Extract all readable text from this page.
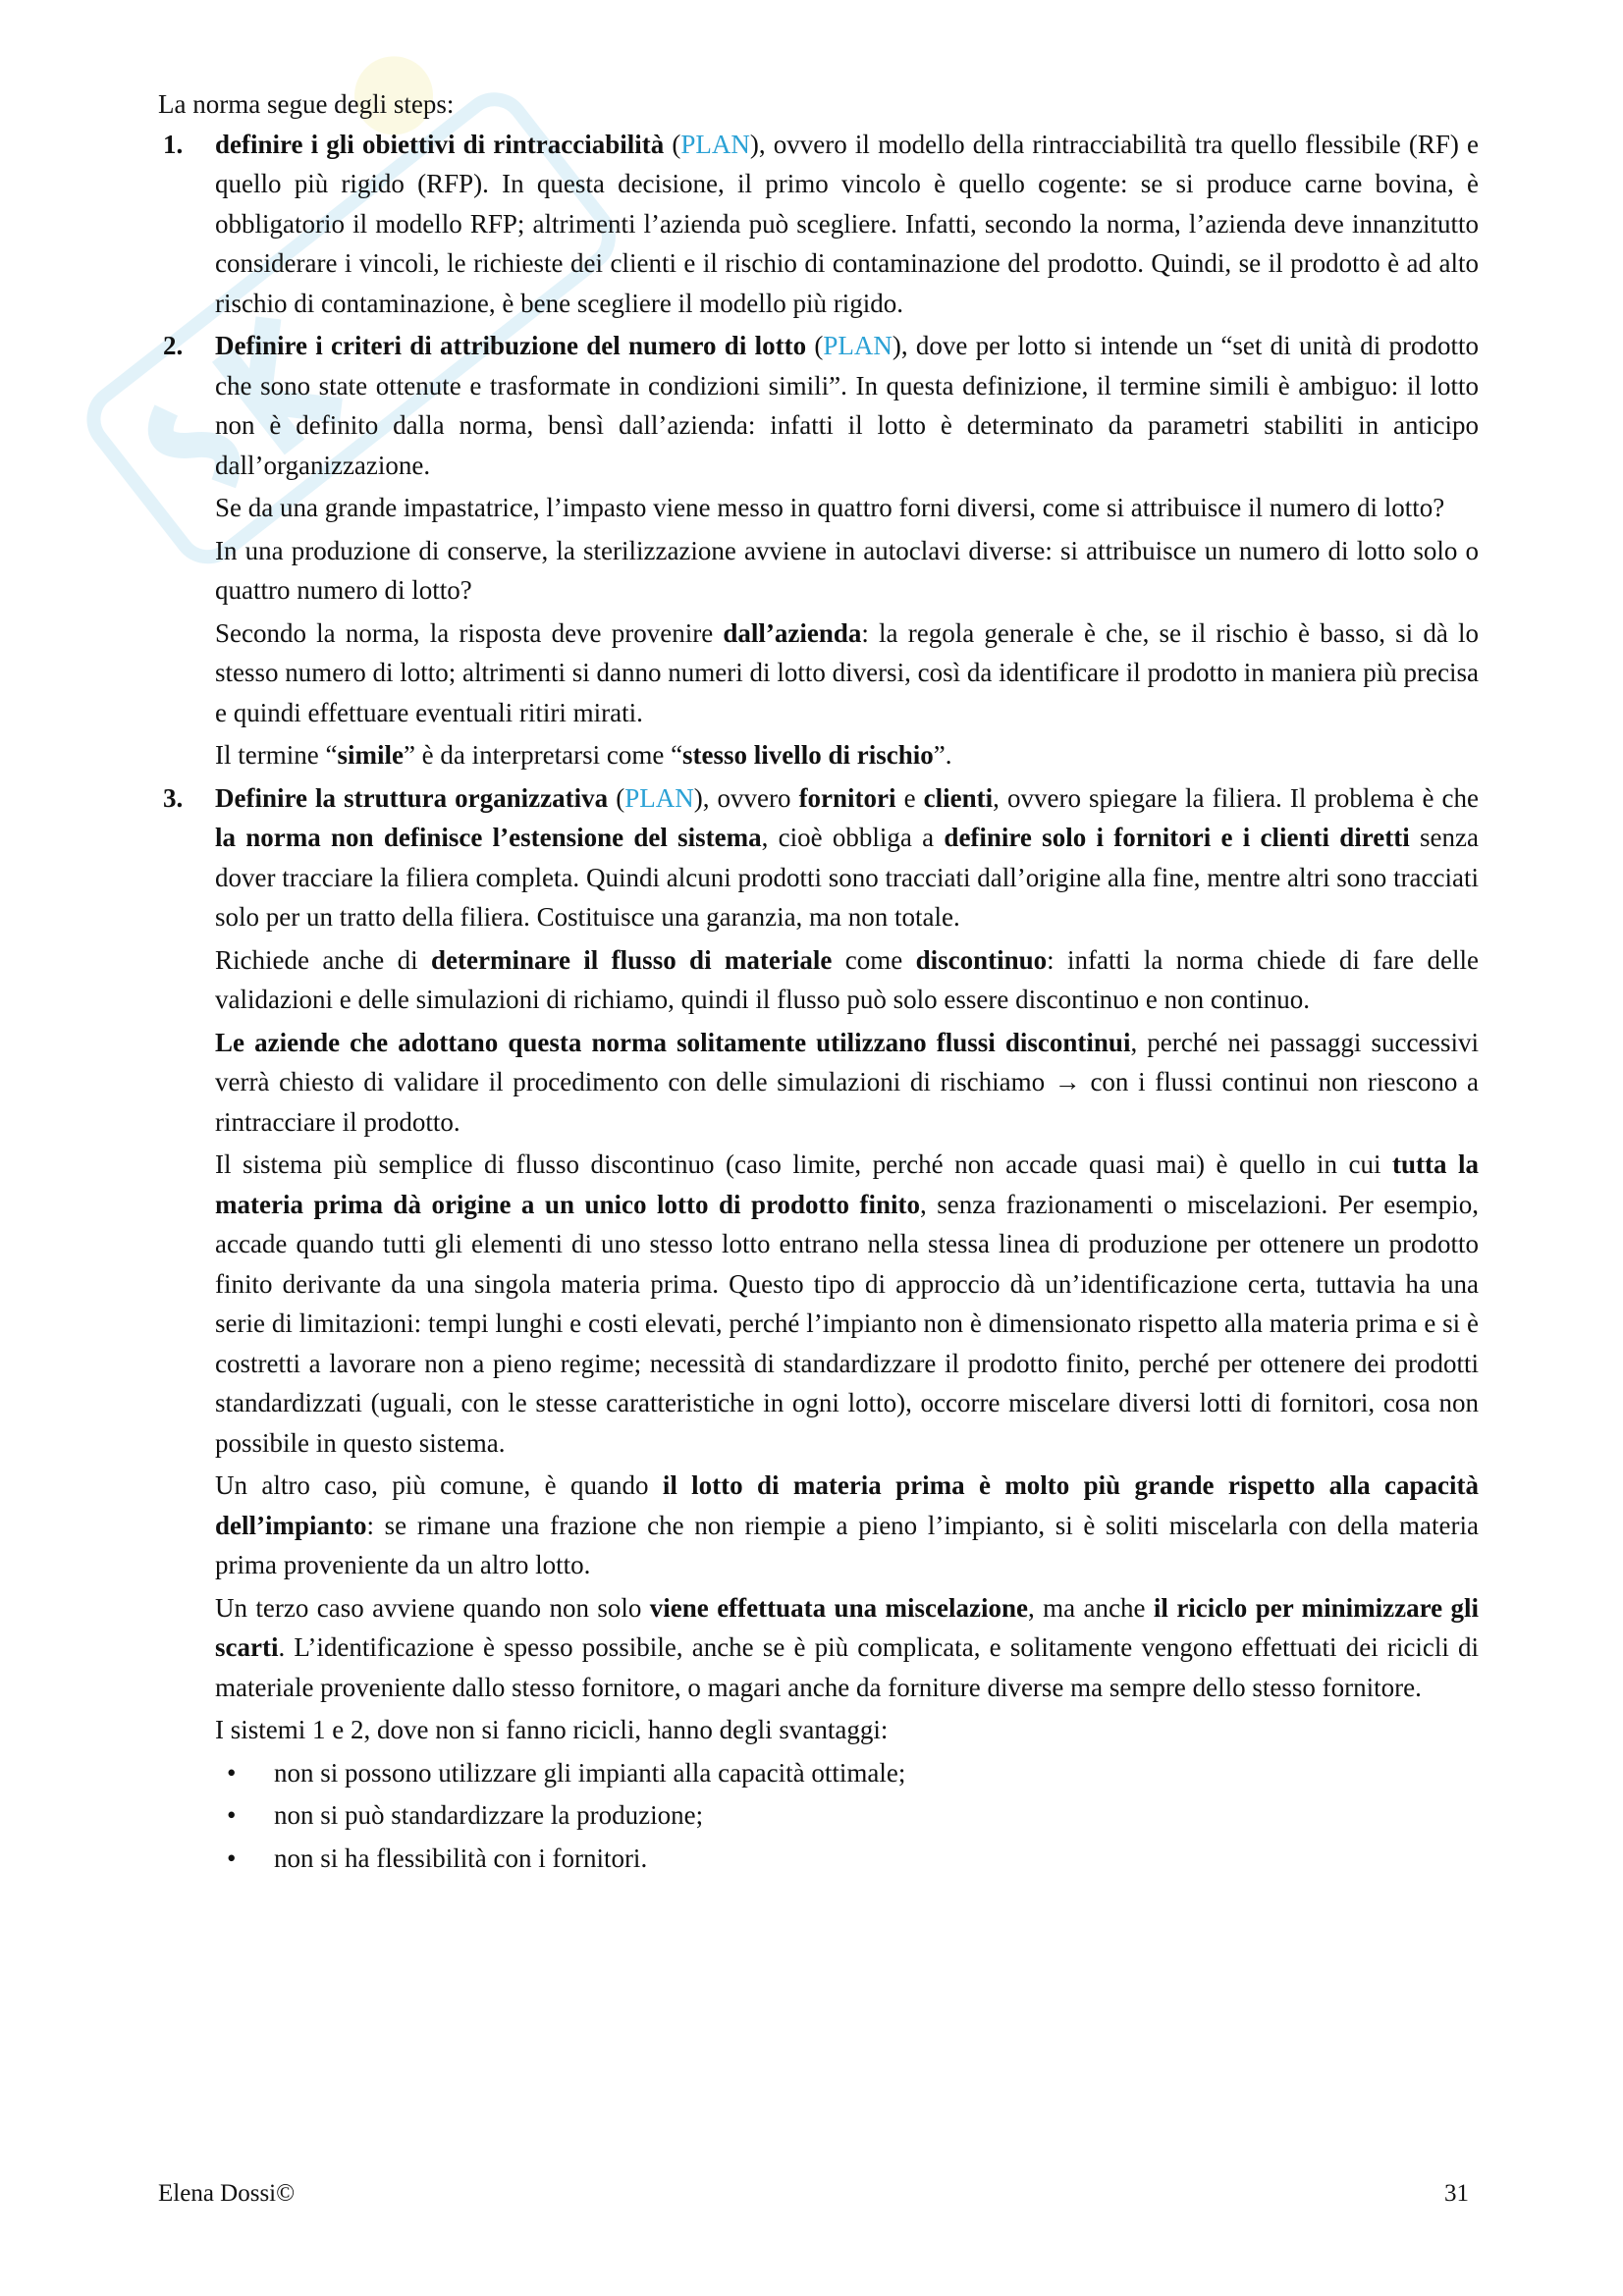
La norma segue degli steps:

1. definire i gli obiettivi di rintracciabilità (PLAN), ovvero il modello della rintracciabilità tra quello flessibile (RF) e quello più rigido (RFP). In questa decisione, il primo vincolo è quello cogente: se si produce carne bovina, è obbligatorio il modello RFP; altrimenti l’azienda può scegliere. Infatti, secondo la norma, l’azienda deve innanzitutto considerare i vincoli, le richieste dei clienti e il rischio di contaminazione del prodotto. Quindi, se il prodotto è ad alto rischio di contaminazione, è bene scegliere il modello più rigido.

2. Definire i criteri di attribuzione del numero di lotto (PLAN), dove per lotto si intende un “set di unità di prodotto che sono state ottenute e trasformate in condizioni simili”. In questa definizione, il termine simili è ambiguo: il lotto non è definito dalla norma, bensì dall’azienda: infatti il lotto è determinato da parametri stabiliti in anticipo dall’organizzazione.

Se da una grande impastatrice, l’impasto viene messo in quattro forni diversi, come si attribuisce il numero di lotto?

In una produzione di conserve, la sterilizzazione avviene in autoclavi diverse: si attribuisce un numero di lotto solo o quattro numero di lotto?

Secondo la norma, la risposta deve provenire dall’azienda: la regola generale è che, se il rischio è basso, si dà lo stesso numero di lotto; altrimenti si danno numeri di lotto diversi, così da identificare il prodotto in maniera più precisa e quindi effettuare eventuali ritiri mirati.

Il termine “simile” è da interpretarsi come “stesso livello di rischio”.

3. Definire la struttura organizzativa (PLAN), ovvero fornitori e clienti, ovvero spiegare la filiera. Il problema è che la norma non definisce l’estensione del sistema, cioè obbliga a definire solo i fornitori e i clienti diretti senza dover tracciare la filiera completa. Quindi alcuni prodotti sono tracciati dall’origine alla fine, mentre altri sono tracciati solo per un tratto della filiera. Costituisce una garanzia, ma non totale.

Richiede anche di determinare il flusso di materiale come discontinuo: infatti la norma chiede di fare delle validazioni e delle simulazioni di richiamo, quindi il flusso può solo essere discontinuo e non continuo.

Le aziende che adottano questa norma solitamente utilizzano flussi discontinui, perché nei passaggi successivi verrà chiesto di validare il procedimento con delle simulazioni di rischiamo → con i flussi continui non riescono a rintracciare il prodotto.

Il sistema più semplice di flusso discontinuo (caso limite, perché non accade quasi mai) è quello in cui tutta la materia prima dà origine a un unico lotto di prodotto finito, senza frazionamenti o miscelazioni. Per esempio, accade quando tutti gli elementi di uno stesso lotto entrano nella stessa linea di produzione per ottenere un prodotto finito derivante da una singola materia prima. Questo tipo di approccio dà un’identificazione certa, tuttavia ha una serie di limitazioni: tempi lunghi e costi elevati, perché l’impianto non è dimensionato rispetto alla materia prima e si è costretti a lavorare non a pieno regime; necessità di standardizzare il prodotto finito, perché per ottenere dei prodotti standardizzati (uguali, con le stesse caratteristiche in ogni lotto), occorre miscelare diversi lotti di fornitori, cosa non possibile in questo sistema.

Un altro caso, più comune, è quando il lotto di materia prima è molto più grande rispetto alla capacità dell’impianto: se rimane una frazione che non riempie a pieno l’impianto, si è soliti miscelarla con della materia prima proveniente da un altro lotto.

Un terzo caso avviene quando non solo viene effettuata una miscelazione, ma anche il riciclo per minimizzare gli scarti. L’identificazione è spesso possibile, anche se è più complicata, e solitamente vengono effettuati dei ricicli di materiale proveniente dallo stesso fornitore, o magari anche da forniture diverse ma sempre dello stesso fornitore.

I sistemi 1 e 2, dove non si fanno ricicli, hanno degli svantaggi:

• non si possono utilizzare gli impianti alla capacità ottimale;
• non si può standardizzare la produzione;
• non si ha flessibilità con i fornitori.
Elena Dossi©	31
